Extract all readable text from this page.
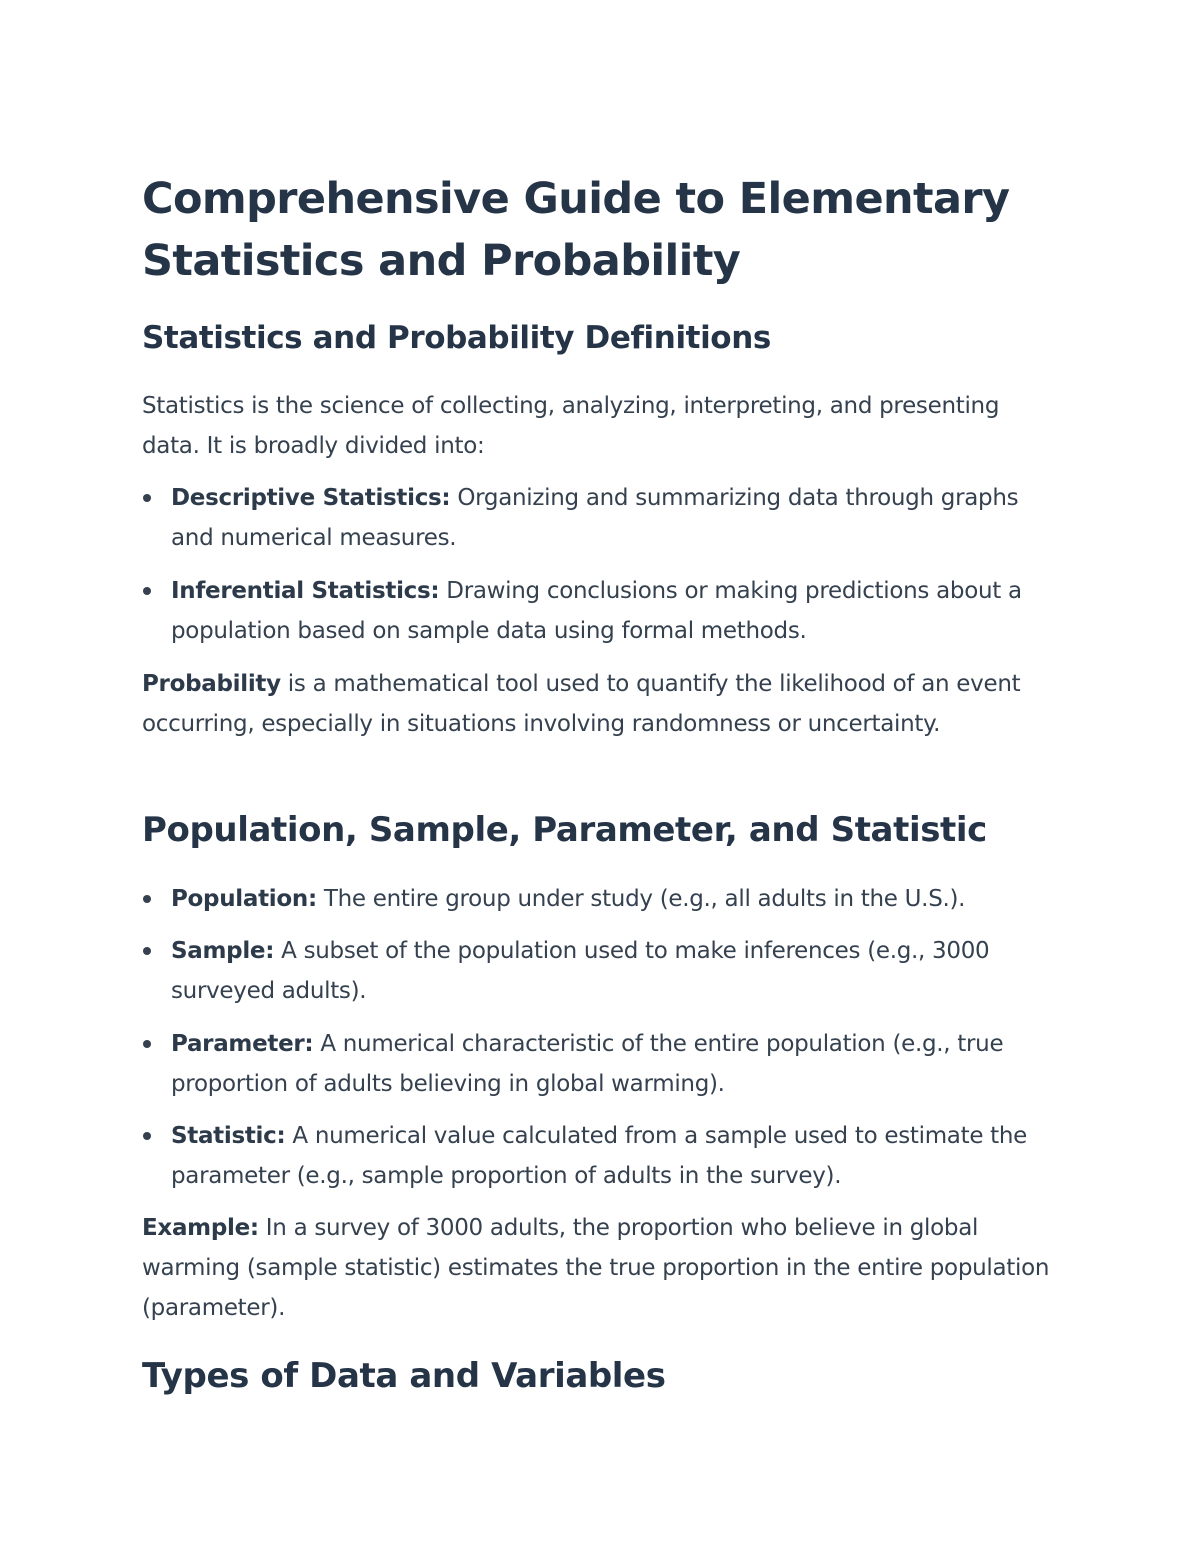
Comprehensive Guide to Elementary Statistics and Probability
Statistics and Probability Definitions

Statistics is the science of collecting, analyzing, interpreting, and presenting data. It is broadly divided into:

Descriptive Statistics: Organizing and summarizing data through graphs and numerical measures.
Inferential Statistics: Drawing conclusions or making predictions about a population based on sample data using formal methods.

Probability is a mathematical tool used to quantify the likelihood of an event occurring, especially in situations involving randomness or uncertainty.

Population, Sample, Parameter, and Statistic
Population: The entire group under study (e.g., all adults in the U.S.).
Sample: A subset of the population used to make inferences (e.g., 3000 surveyed adults).
Parameter: A numerical characteristic of the entire population (e.g., true proportion of adults believing in global warming).
Statistic: A numerical value calculated from a sample used to estimate the parameter (e.g., sample proportion of adults in the survey).

Example: In a survey of 3000 adults, the proportion who believe in global warming (sample statistic) estimates the true proportion in the entire population (parameter).

Types of Data and Variables
